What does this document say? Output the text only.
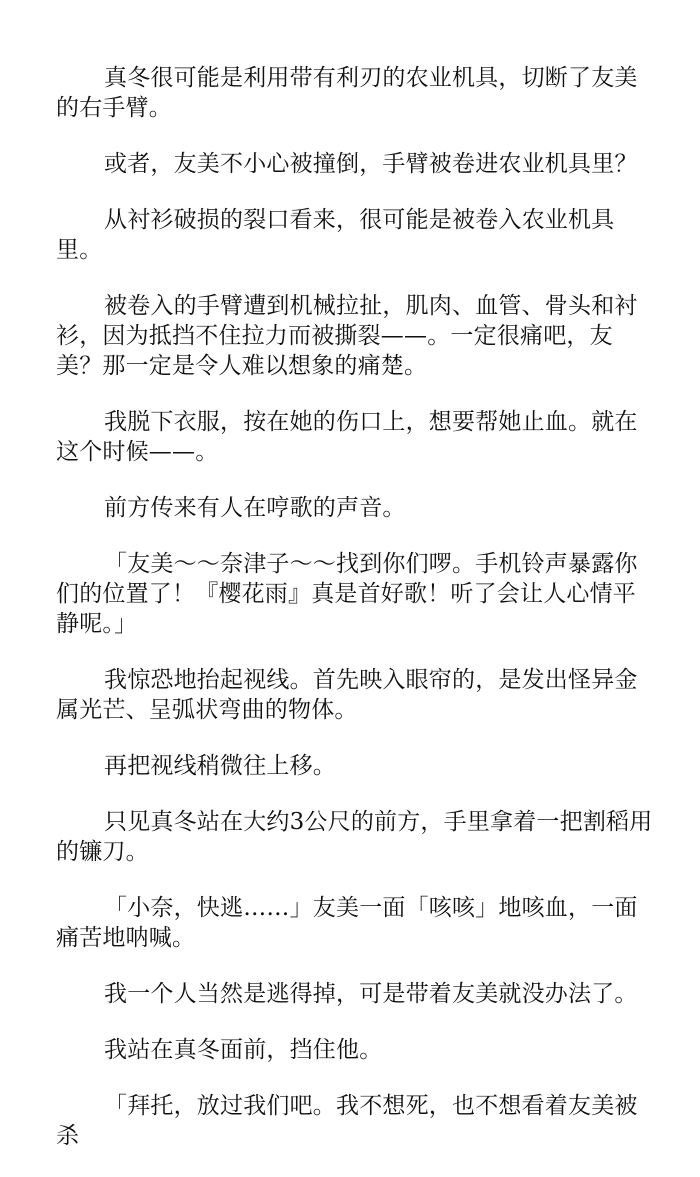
真冬很可能是利用带有利刃的农业机具，切断了友美的右手臂。

或者，友美不小心被撞倒，手臂被卷进农业机具里？

从衬衫破损的裂口看来，很可能是被卷入农业机具里。

被卷入的手臂遭到机械拉扯，肌肉、血管、骨头和衬衫，因为抵挡不住拉力而被撕裂——。一定很痛吧，友美？那一定是令人难以想象的痛楚。

我脱下衣服，按在她的伤口上，想要帮她止血。就在这个时候——。

前方传来有人在哼歌的声音。

「友美～～奈津子～～找到你们啰。手机铃声暴露你们的位置了！『樱花雨』真是首好歌！听了会让人心情平静呢。」

我惊恐地抬起视线。首先映入眼帘的，是发出怪异金属光芒、呈弧状弯曲的物体。

再把视线稍微往上移。

只见真冬站在大约3公尺的前方，手里拿着一把割稻用的镰刀。

「小奈，快逃……」友美一面「咳咳」地咳血，一面痛苦地呐喊。

我一个人当然是逃得掉，可是带着友美就没办法了。

我站在真冬面前，挡住他。

「拜托，放过我们吧。我不想死，也不想看着友美被杀
